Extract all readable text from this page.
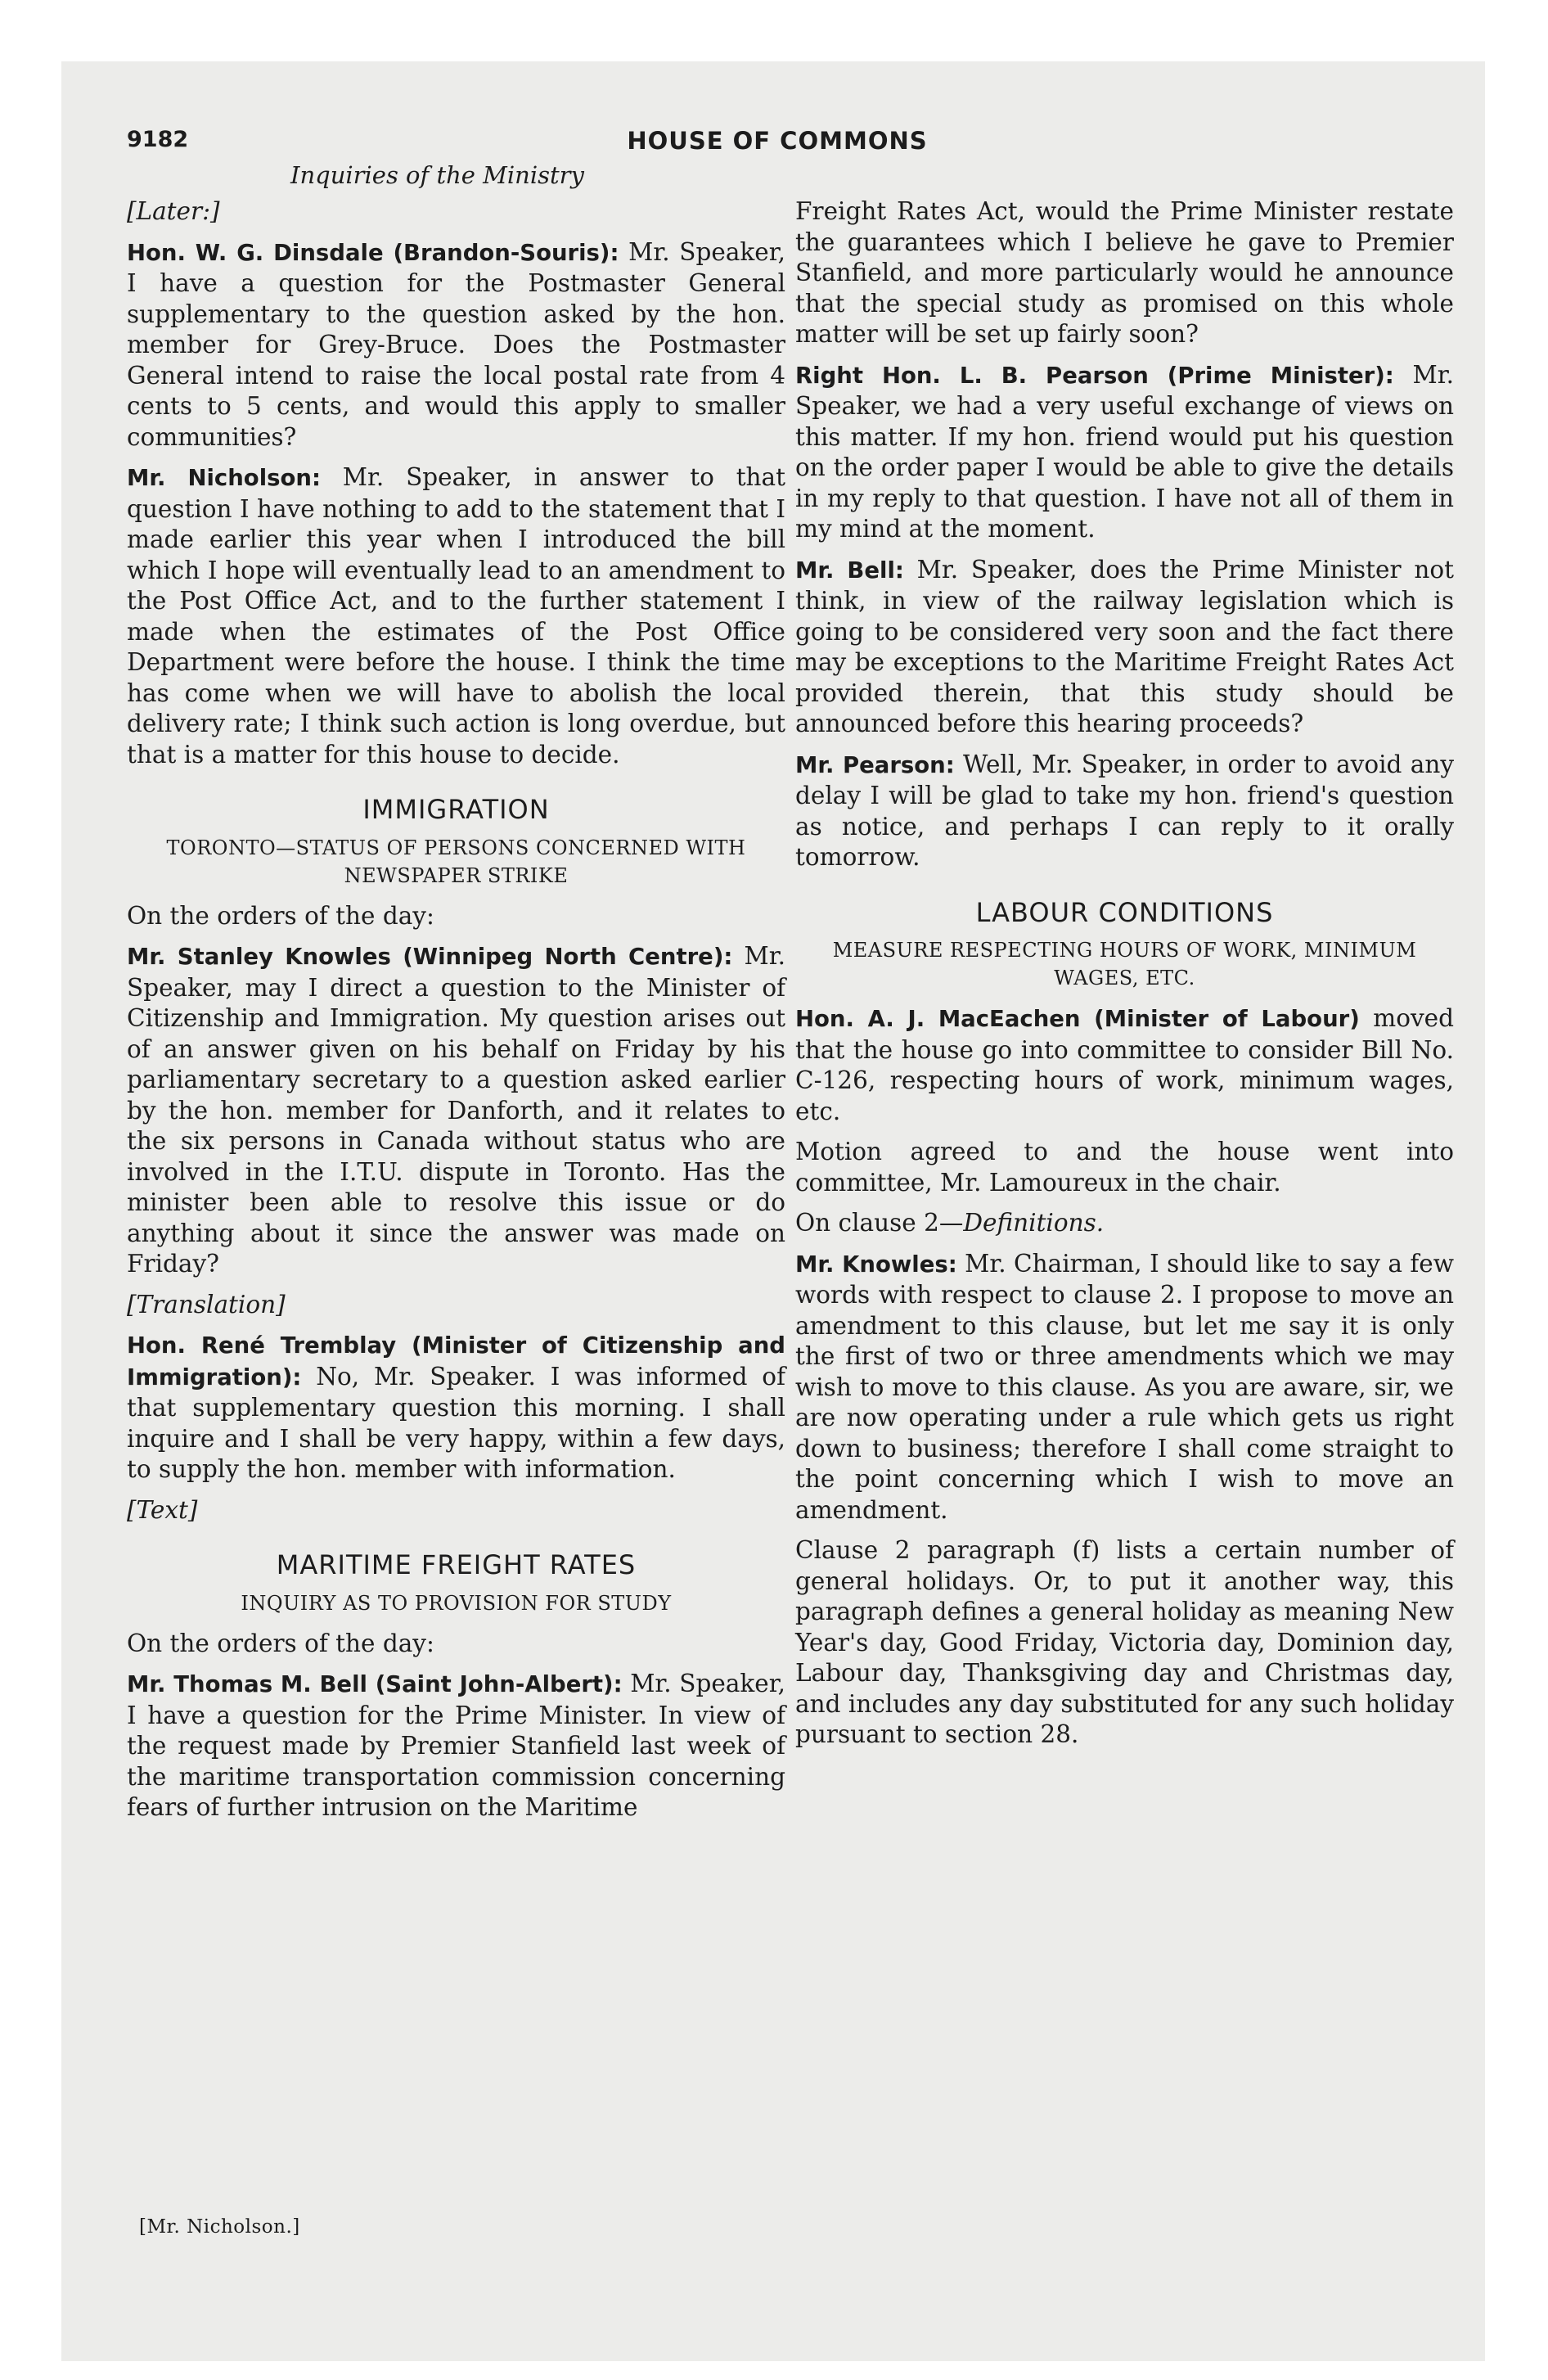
9182	HOUSE OF COMMONS
Inquiries of the Ministry

[Later:]

Hon. W. G. Dinsdale (Brandon-Souris): Mr. Speaker, I have a question for the Postmaster General supplementary to the question asked by the hon. member for Grey-Bruce. Does the Postmaster General intend to raise the local postal rate from 4 cents to 5 cents, and would this apply to smaller communities?

Mr. Nicholson: Mr. Speaker, in answer to that question I have nothing to add to the statement that I made earlier this year when I introduced the bill which I hope will eventually lead to an amendment to the Post Office Act, and to the further statement I made when the estimates of the Post Office Department were before the house. I think the time has come when we will have to abolish the local delivery rate; I think such action is long overdue, but that is a matter for this house to decide.

IMMIGRATION
TORONTO—STATUS OF PERSONS CONCERNED WITH NEWSPAPER STRIKE

On the orders of the day:

Mr. Stanley Knowles (Winnipeg North Centre): Mr. Speaker, may I direct a question to the Minister of Citizenship and Immigration. My question arises out of an answer given on his behalf on Friday by his parliamentary secretary to a question asked earlier by the hon. member for Danforth, and it relates to the six persons in Canada without status who are involved in the I.T.U. dispute in Toronto. Has the minister been able to resolve this issue or do anything about it since the answer was made on Friday?

[Translation]

Hon. René Tremblay (Minister of Citizenship and Immigration): No, Mr. Speaker. I was informed of that supplementary question this morning. I shall inquire and I shall be very happy, within a few days, to supply the hon. member with information.

[Text]

MARITIME FREIGHT RATES
INQUIRY AS TO PROVISION FOR STUDY

On the orders of the day:

Mr. Thomas M. Bell (Saint John-Albert): Mr. Speaker, I have a question for the Prime Minister. In view of the request made by Premier Stanfield last week of the maritime transportation commission concerning fears of further intrusion on the Maritime

Freight Rates Act, would the Prime Minister restate the guarantees which I believe he gave to Premier Stanfield, and more particularly would he announce that the special study as promised on this whole matter will be set up fairly soon?

Right Hon. L. B. Pearson (Prime Minister): Mr. Speaker, we had a very useful exchange of views on this matter. If my hon. friend would put his question on the order paper I would be able to give the details in my reply to that question. I have not all of them in my mind at the moment.

Mr. Bell: Mr. Speaker, does the Prime Minister not think, in view of the railway legislation which is going to be considered very soon and the fact there may be exceptions to the Maritime Freight Rates Act provided therein, that this study should be announced before this hearing proceeds?

Mr. Pearson: Well, Mr. Speaker, in order to avoid any delay I will be glad to take my hon. friend's question as notice, and perhaps I can reply to it orally tomorrow.

LABOUR CONDITIONS
MEASURE RESPECTING HOURS OF WORK, MINIMUM WAGES, ETC.

Hon. A. J. MacEachen (Minister of Labour) moved that the house go into committee to consider Bill No. C-126, respecting hours of work, minimum wages, etc.

Motion agreed to and the house went into committee, Mr. Lamoureux in the chair.

On clause 2—Definitions.

Mr. Knowles: Mr. Chairman, I should like to say a few words with respect to clause 2. I propose to move an amendment to this clause, but let me say it is only the first of two or three amendments which we may wish to move to this clause. As you are aware, sir, we are now operating under a rule which gets us right down to business; therefore I shall come straight to the point concerning which I wish to move an amendment.

Clause 2 paragraph (f) lists a certain number of general holidays. Or, to put it another way, this paragraph defines a general holiday as meaning New Year's day, Good Friday, Victoria day, Dominion day, Labour day, Thanksgiving day and Christmas day, and includes any day substituted for any such holiday pursuant to section 28.

[Mr. Nicholson.]
